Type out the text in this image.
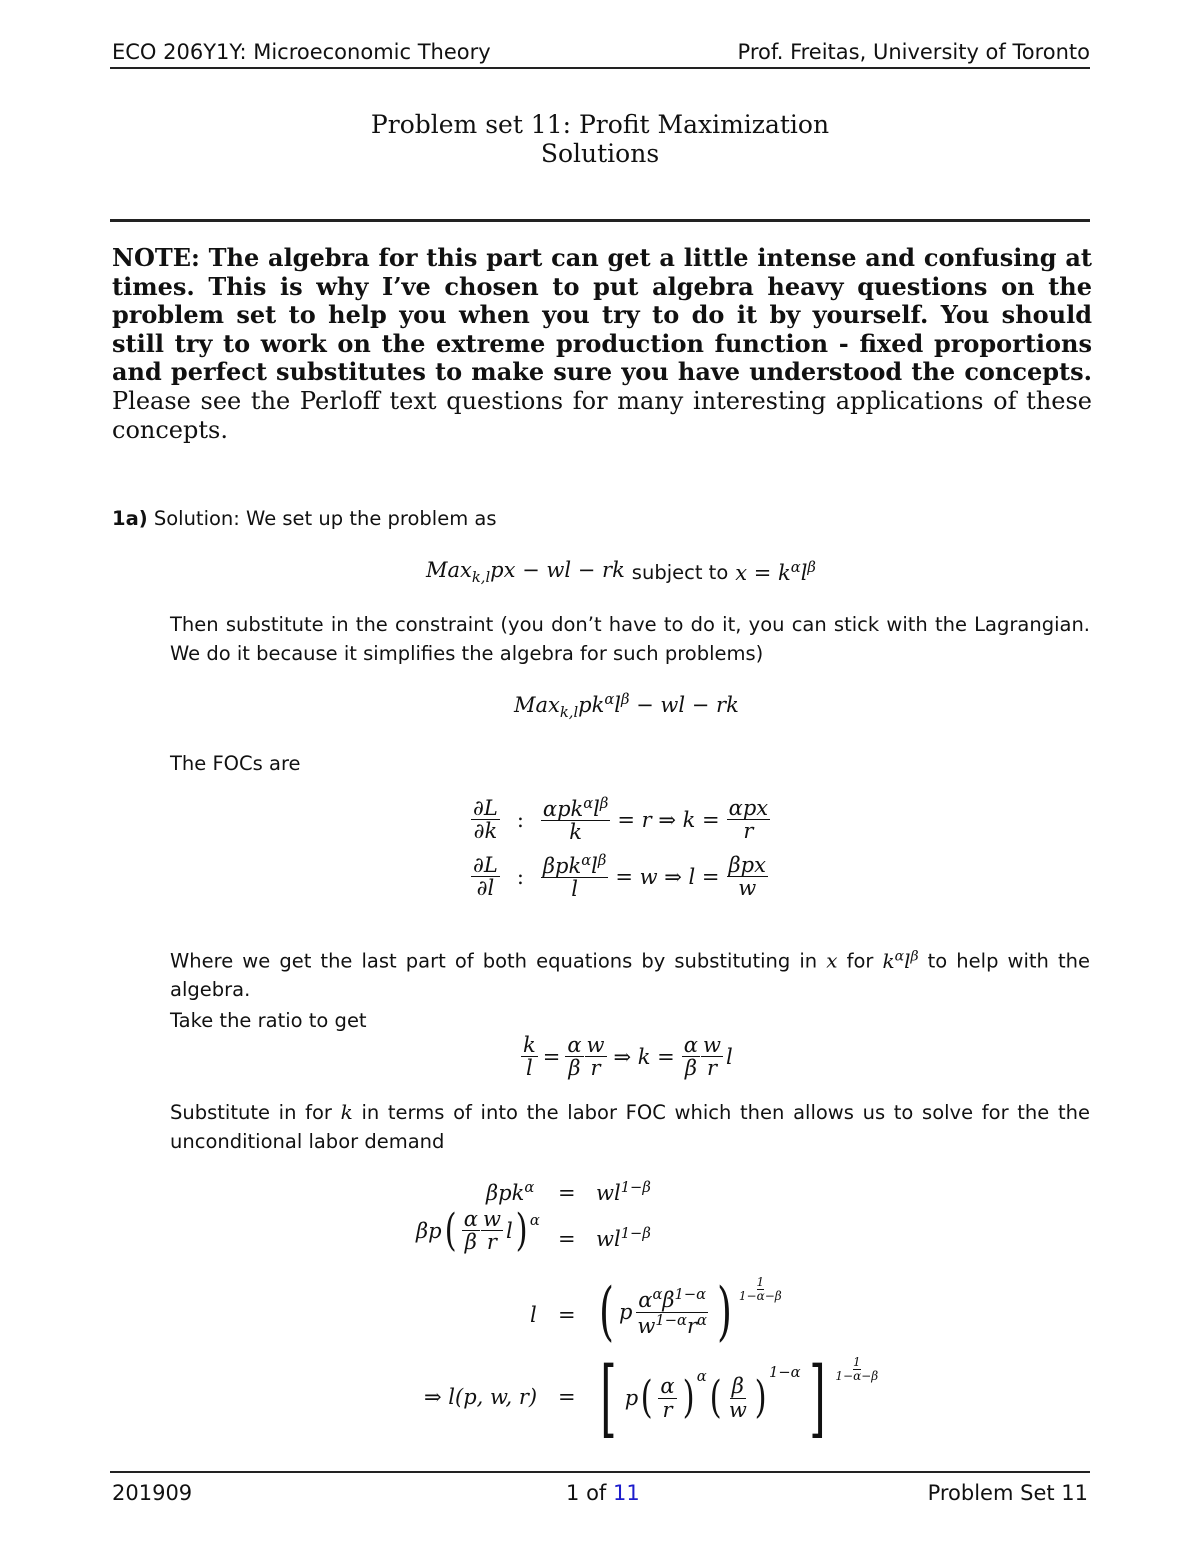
ECO 206Y1Y: Microeconomic Theory	Prof. Freitas, University of Toronto
Problem set 11: Profit Maximization
Solutions
NOTE: The algebra for this part can get a little intense and confusing at times. This is why I’ve chosen to put algebra heavy questions on the problem set to help you when you try to do it by yourself. You should still try to work on the extreme production function - fixed proportions and perfect substitutes to make sure you have understood the concepts. Please see the Perloff text questions for many interesting applications of these concepts.
1a) Solution: We set up the problem as
Max$_{k,l}$px − wl − rk subject to $x = k^\alpha l^\beta$
Then substitute in the constraint (you don’t have to do it, you can stick with the Lagrangian. We do it because it simplifies the algebra for such problems)
$Max_{k,l}pk^\alpha l^\beta$ − wl − rk
The FOCs are
$\frac{\partial L}{\partial k}$ : $\frac{\alpha pk^\alpha l^\beta}{k} = r$ ⇒ $k = \frac{\text{αpx}}{r}$
$\frac{\partial L}{\partial l}$ : $\frac{\beta pk^\alpha l^\beta}{l} = w$ ⇒ $l = \frac{\text{βpx}}{w}$
Where we get the last part of both equations by substituting in x for $k^\alpha l^\beta$ to help with the algebra.
Take the ratio to get
$\frac{k}{l} = \frac{\alpha}{\beta} \frac{w}{r}$ ⇒ $k = \frac{\alpha}{\beta} \frac{w}{r}$ l
Substitute in for k in terms of into the labor FOC which then allows us to solve for the the unconditional labor demand
$\beta pk^\alpha = wl^{1-\beta}$
βp ( $\frac{\alpha}{\beta} \frac{w}{r}$ l )$^\alpha$
= $wl^{1-\beta}$
l = ( p $\frac{\alpha^\alpha\beta^{1-\alpha}}{w^{1-\alpha}r^\alpha}$ ) 1
1−α−β
⇒ l(p, w, r) = [ p ( $\frac{\alpha}{r} )^\alpha$ ( $\frac{\beta}{w} )^{1-\alpha}$ ] 1
1−α−β
201909	1 of 11	Problem Set 11
